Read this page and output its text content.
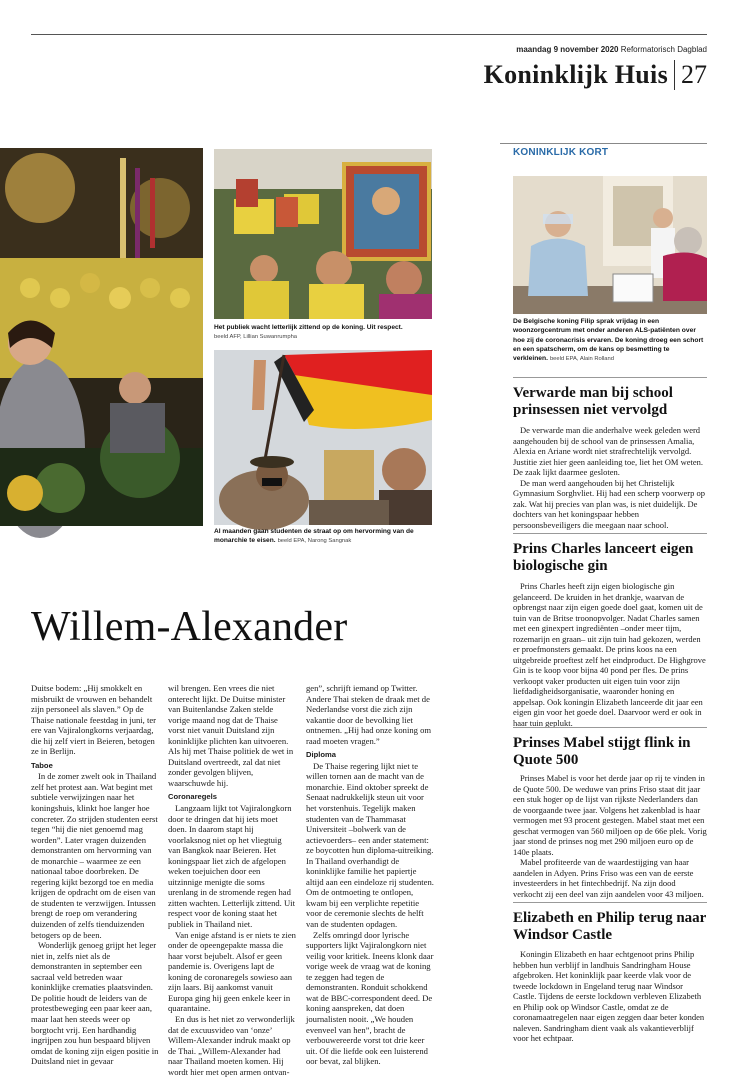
maandag 9 november 2020 Reformatorisch Dagblad
Koninklijk Huis 27
Het publiek wacht letterlijk zittend op de koning. Uit respect.
beeld AFP, Lillian Suwanrumpha
Al maanden gaan studenten de straat op om hervorming van de monarchie te eisen. beeld EPA, Narong Sangnak
KONINKLIJK KORT
De Belgische koning Filip sprak vrijdag in een woonzorgcentrum met onder anderen ALS-patiënten over hoe zij de coronacrisis ervaren. De koning droeg een schort en een spatscherm, om de kans op besmetting te verkleinen. beeld EPA, Alain Rolland
Verwarde man bij school prinsessen niet vervolgd

De verwarde man die anderhalve week geleden werd aangehouden bij de school van de prinsessen Amalia, Alexia en Ariane wordt niet strafrechtelijk vervolgd. Justitie ziet hier geen aanleiding toe, liet het OM weten. De zaak lijkt daarmee gesloten.

De man werd aangehouden bij het Christelijk Gymnasium Sorghvliet. Hij had een scherp voorwerp op zak. Wat hij precies van plan was, is niet duidelijk. De dochters van het koningspaar hebben persoonsbeveiligers die meegaan naar school.

Prins Charles lanceert eigen biologische gin

Prins Charles heeft zijn eigen biologische gin gelanceerd. De kruiden in het drankje, waarvan de opbrengst naar zijn eigen goede doel gaat, komen uit de tuin van de Britse troonopvolger. Nadat Charles samen met een ginexpert ingrediënten –onder meer tijm, rozemarijn en graan– uit zijn tuin had gekozen, werden er proefmonsters gemaakt. De prins koos na een uitgebreide proeftest zelf het eindproduct. De Highgrove Gin is te koop voor bijna 40 pond per fles. De prins verkoopt vaker producten uit eigen tuin voor zijn liefdadigheidsorganisatie, waaronder honing en appelsap. Ook koningin Elizabeth lanceerde dit jaar een eigen gin voor het goede doel. Daarvoor werd er ook in haar tuin geplukt.

Prinses Mabel stijgt flink in Quote 500

Prinses Mabel is voor het derde jaar op rij te vinden in de Quote 500. De weduwe van prins Friso staat dit jaar een stuk hoger op de lijst van rijkste Nederlanders dan de voorgaande twee jaar. Volgens het zakenblad is haar vermogen met 93 procent gestegen. Mabel staat met een geschat vermogen van 560 miljoen op de 66e plek. Vorig jaar stond de prinses nog met 290 miljoen euro op de 140e plaats.

Mabel profiteerde van de waardestijging van haar aandelen in Adyen. Prins Friso was een van de eerste investeerders in het fintechbedrijf. Na zijn dood verkocht zij een deel van zijn aandelen voor 43 miljoen.

Elizabeth en Philip terug naar Windsor Castle

Koningin Elizabeth en haar echtgenoot prins Philip hebben hun verblijf in landhuis Sandringham House afgebroken. Het koninklijk paar keerde vlak voor de tweede lockdown in Engeland terug naar Windsor Castle. Tijdens de eerste lockdown verbleven Elizabeth en Philip ook op Windsor Castle, omdat ze de coronamaatregelen naar eigen zeggen daar beter konden naleven. Sandringham dient vaak als vakantieverblijf voor het echtpaar.

Willem-Alexander

Duitse bodem: „Hij smokkelt en misbruikt de vrouwen en behandelt zijn personeel als slaven.” Op de Thaise nationale feestdag in juni, ter ere van Vajiralongkorns verjaardag, die hij zelf viert in Beieren, betogen ze in Berlijn.

Taboe

In de zomer zwelt ook in Thailand zelf het protest aan. Wat begint met subtiele verwijzingen naar het koningshuis, klinkt hoe langer hoe concreter. Zo strijden studenten eerst tegen “hij die niet genoemd mag worden”. Later vragen duizenden demonstranten om hervorming van de monarchie – waarmee ze een nationaal taboe doorbreken. De regering kijkt bezorgd toe en media krijgen de opdracht om de eisen van de studenten te verzwijgen. Intussen brengt de roep om verandering duizenden of zelfs tienduizenden betogers op de been.

Wonderlijk genoeg grijpt het leger niet in, zelfs niet als de demonstranten in september een sacraal veld betreden waar koninklijke crematies plaatsvinden. De politie houdt de leiders van de protestbeweging een paar keer aan, maar laat hen steeds weer op borgtocht vrij. Een hardhandig ingrijpen zou hun bespaard blijven omdat de koning zijn eigen positie in Duitsland niet in gevaar

wil brengen. Een vrees die niet onterecht lijkt. De Duitse minister van Buitenlandse Zaken stelde vorige maand nog dat de Thaise vorst niet vanuit Duitsland zijn koninklijke plichten kan uitvoeren. Als hij met Thaise politiek de wet in Duitsland overtreedt, zal dat niet zonder gevolgen blijven, waarschuwde hij.

Coronaregels

Langzaam lijkt tot Vajiralongkorn door te dringen dat hij iets moet doen. In daarom stapt hij voorlaksnog niet op het vliegtuig van Bangkok naar Beieren. Het koningspaar liet zich de afgelopen weken toejuichen door een uitzinnige menigte die soms urenlang in de stromende regen had zitten wachten. Letterlijk zittend. Uit respect voor de koning staat het publiek in Thailand niet.

Van enige afstand is er niets te zien onder de opeengepakte massa die haar vorst bejubelt. Alsof er geen pandemie is. Overigens lapt de koning de coronaregels sowieso aan zijn laars. Bij aankomst vanuit Europa ging hij geen enkele keer in quarantaine.

En dus is het niet zo verwonderlijk dat de excuusvideo van ‘onze’ Willem-Alexander indruk maakt op de Thai. „Willem-Alexander had naar Thailand moeten komen. Hij wordt hier met open armen ontvan-

gen”, schrijft iemand op Twitter. Andere Thai steken de draak met de Nederlandse vorst die zich zijn vakantie door de bevolking liet ontnemen. „Hij had onze koning om raad moeten vragen.”

Diploma

De Thaise regering lijkt niet te willen tornen aan de macht van de monarchie. Eind oktober spreekt de Senaat nadrukkelijk steun uit voor het vorstenhuis. Tegelijk maken studenten van de Thammasat Universiteit –bolwerk van de actievoerders– een ander statement: ze boycotten hun diploma-uitreiking. In Thailand overhandigt de koninklijke familie het papiertje altijd aan een eindeloze rij studenten. Om de ontmoeting te ontlopen, kwam bij een verplichte repetitie voor de ceremonie slechts de helft van de studenten opdagen.

Zelfs omringd door lyrische supporters lijkt Vajiralongkorn niet veilig voor kritiek. Ineens klonk daar vorige week de vraag wat de koning te zeggen had tegen de demonstranten. Ronduit schokkend wat de BBC-correspondent deed. De koning aanspreken, dat doen journalisten nooit. „We houden evenveel van hen”, bracht de verbouwereerde vorst tot drie keer uit. Of die liefde ook een luisterend oor bevat, zal blijken.
